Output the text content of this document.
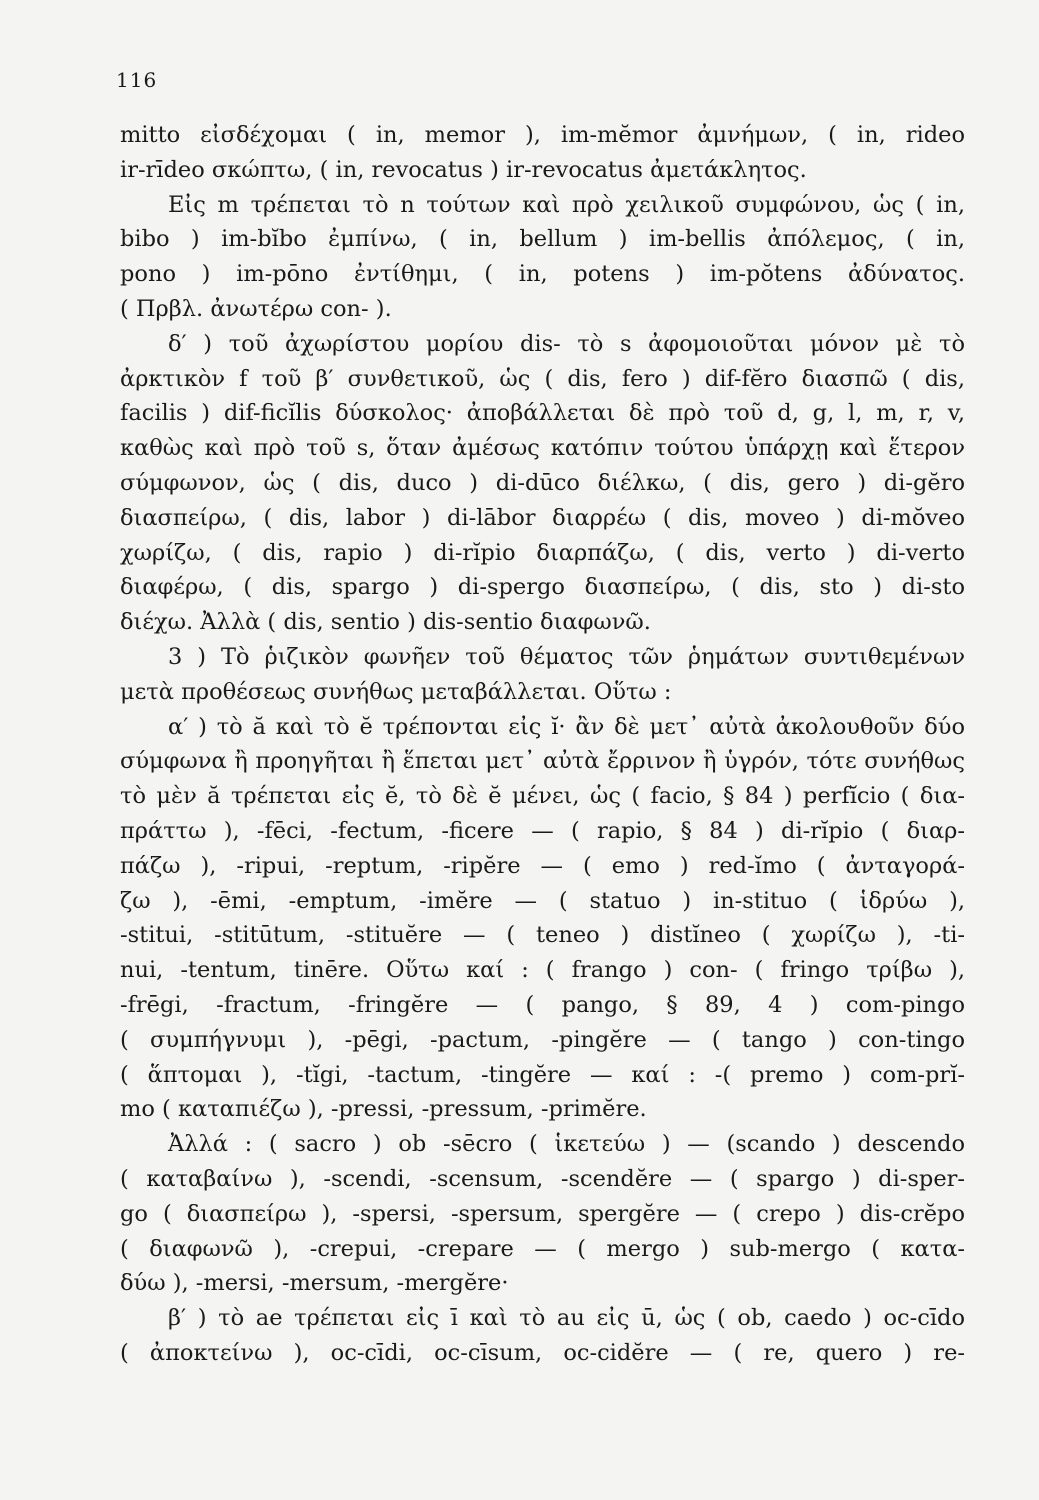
116
mitto εἰσδέχομαι ( in, memor ), im-mĕmor ἀμνήμων, ( in, rideo
ir-rīdeo σκώπτω, ( in, revocatus ) ir-revocatus ἀμετάκλητος.
Εἰς m τρέπεται τὸ n τούτων καὶ πρὸ χειλικοῦ συμφώνου, ὡς ( in,
bibo ) im-bĭbo ἐμπίνω, ( in, bellum ) im-bellis ἀπόλεμος, ( in,
pono ) im-pōno ἐντίθημι, ( in, potens ) im-pŏtens ἀδύνατος.
( Πρβλ. ἀνωτέρω con- ).
δ′ ) τοῦ ἀχωρίστου μορίου dis- τὸ s ἀφομοιοῦται μόνον μὲ τὸ
ἀρκτικὸν f τοῦ β′ συνθετικοῦ, ὡς ( dis, fero ) dif-fĕro διασπῶ ( dis,
facilis ) dif-ficĭlis δύσκολος· ἀποβάλλεται δὲ πρὸ τοῦ d, g, l, m, r, v,
καθὼς καὶ πρὸ τοῦ s, ὅταν ἀμέσως κατόπιν τούτου ὑπάρχῃ καὶ ἕτερον
σύμφωνον, ὡς ( dis, duco ) di-dūco διέλκω, ( dis, gero ) di-gĕro
διασπείρω, ( dis, labor ) di-lābor διαρρέω ( dis, moveo ) di-mŏveo
χωρίζω, ( dis, rapio ) di-rĭpio διαρπάζω, ( dis, verto ) di-verto
διαφέρω, ( dis, spargo ) di-spergo διασπείρω, ( dis, sto ) di-sto
διέχω. Ἀλλὰ ( dis, sentio ) dis-sentio διαφωνῶ.
3 ) Τὸ ῥιζικὸν φωνῆεν τοῦ θέματος τῶν ῥημάτων συντιθεμένων
μετὰ προθέσεως συνήθως μεταβάλλεται. Οὕτω :
α′ ) τὸ ă καὶ τὸ ĕ τρέπονται εἰς ĭ· ἂν δὲ μετ᾽ αὐτὰ ἀκολουθοῦν δύο
σύμφωνα ἢ προηγῆται ἢ ἕπεται μετ᾽ αὐτὰ ἔρρινον ἢ ὑγρόν, τότε συνήθως
τὸ μὲν ă τρέπεται εἰς ĕ, τὸ δὲ ĕ μένει, ὡς ( facio, § 84 ) perfĭcio ( δια-
πράττω ), -fēci, -fectum, -ficere — ( rapio, § 84 ) di-rĭpio ( διαρ-
πάζω ), -ripui, -reptum, -ripĕre — ( emo ) red-ĭmo ( ἀνταγορά-
ζω ), -ēmi, -emptum, -imĕre — ( statuo ) in-stituo ( ἱδρύω ),
-stitui, -stitūtum, -stituĕre — ( teneo ) distĭneo ( χωρίζω ), -ti-
nui, -tentum, tinēre. Οὕτω καί : ( frango ) con- ( fringo τρίβω ),
-frēgi, -fractum, -fringĕre — ( pango, § 89, 4 ) com-pingo
( συμπήγνυμι ), -pēgi, -pactum, -pingĕre — ( tango ) con-tingo
( ἅπτομαι ), -tĭgi, -tactum, -tingĕre — καί : -( premo ) com-prĭ-
mo ( καταπιέζω ), -pressi, -pressum, -primĕre.
Ἀλλά : ( sacro ) ob -sēcro ( ἱκετεύω ) — (scando ) descendo
( καταβαίνω ), -scendi, -scensum, -scendĕre — ( spargo ) di-sper-
go ( διασπείρω ), -spersi, -spersum, spergĕre — ( crepo ) dis-crĕpo
( διαφωνῶ ), -crepui, -crepare — ( mergo ) sub-mergo ( κατα-
δύω ), -mersi, -mersum, -mergĕre·
β′ ) τὸ ae τρέπεται εἰς ī καὶ τὸ au εἰς ū, ὡς ( ob, caedo ) oc-cīdo
( ἀποκτείνω ), oc-cīdi, oc-cīsum, oc-cidĕre — ( re, quero ) re-
